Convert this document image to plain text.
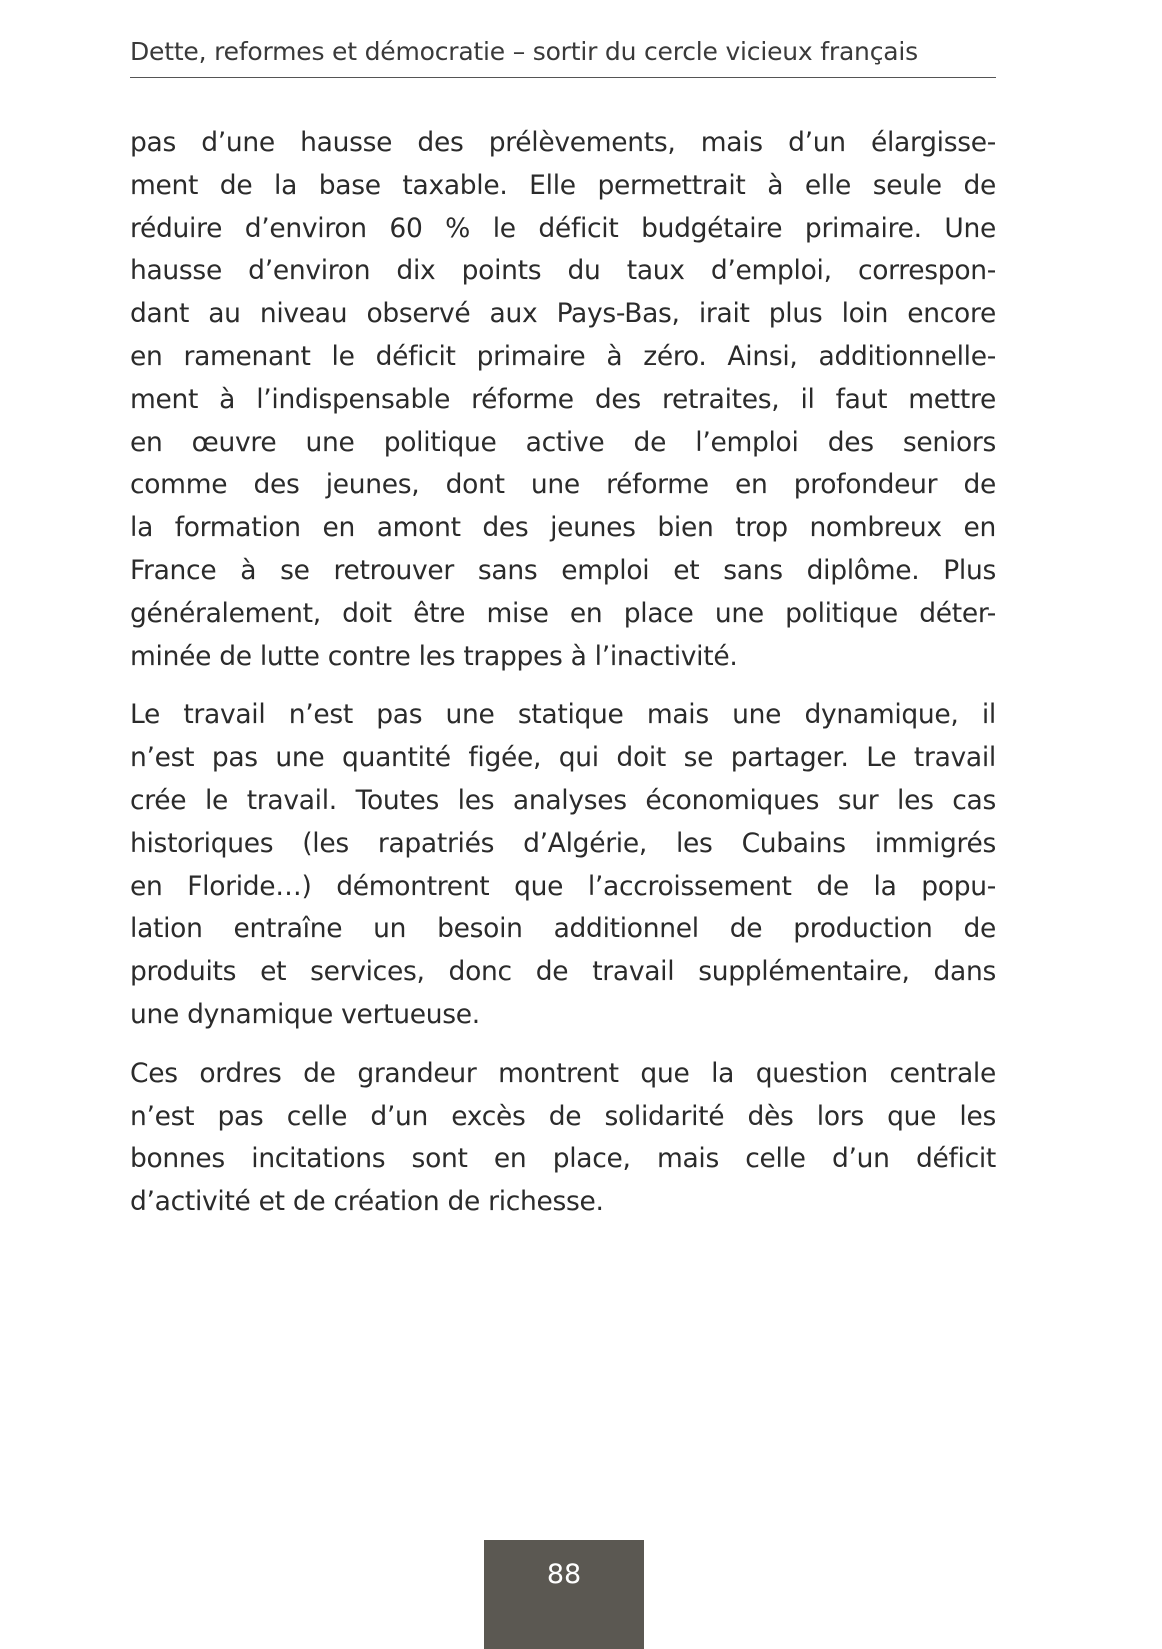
Dette, reformes et démocratie – sortir du cercle vicieux français

pas d’une hausse des prélèvements, mais d’un élargisse-
ment de la base taxable. Elle permettrait à elle seule de
réduire d’environ 60 % le déficit budgétaire primaire. Une
hausse d’environ dix points du taux d’emploi, correspon-
dant au niveau observé aux Pays-Bas, irait plus loin encore
en ramenant le déficit primaire à zéro. Ainsi, additionnelle-
ment à l’indispensable réforme des retraites, il faut mettre
en œuvre une politique active de l’emploi des seniors
comme des jeunes, dont une réforme en profondeur de
la formation en amont des jeunes bien trop nombreux en
France à se retrouver sans emploi et sans diplôme. Plus
généralement, doit être mise en place une politique déter-
minée de lutte contre les trappes à l’inactivité.

Le travail n’est pas une statique mais une dynamique, il
n’est pas une quantité figée, qui doit se partager. Le travail
crée le travail. Toutes les analyses économiques sur les cas
historiques (les rapatriés d’Algérie, les Cubains immigrés
en Floride…) démontrent que l’accroissement de la popu-
lation entraîne un besoin additionnel de production de
produits et services, donc de travail supplémentaire, dans
une dynamique vertueuse.

Ces ordres de grandeur montrent que la question centrale
n’est pas celle d’un excès de solidarité dès lors que les
bonnes incitations sont en place, mais celle d’un déficit
d’activité et de création de richesse.

88
